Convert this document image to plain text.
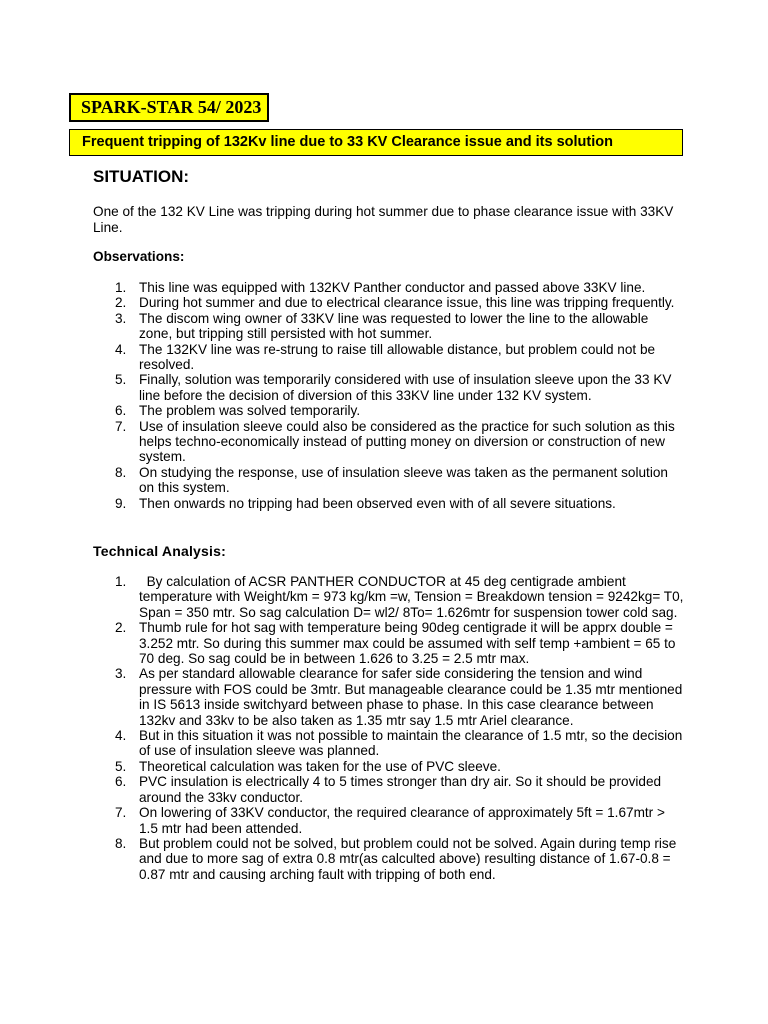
SPARK-STAR 54/ 2023
Frequent tripping of 132Kv line due to 33 KV Clearance issue and its solution
SITUATION:

One of the 132 KV Line was tripping during hot summer due to phase clearance issue with 33KV Line.

Observations:
1. This line was equipped with 132KV Panther conductor and passed above 33KV line.
2. During hot summer and due to electrical clearance issue, this line was tripping frequently.
3. The discom wing owner of 33KV line was requested to lower the line to the allowable zone, but tripping still persisted with hot summer.
4. The 132KV line was re-strung to raise till allowable distance, but problem could not be resolved.
5. Finally, solution was temporarily considered with use of insulation sleeve upon the 33 KV line before the decision of diversion of this 33KV line under 132 KV system.
6. The problem was solved temporarily.
7. Use of insulation sleeve could also be considered as the practice for such solution as this helps techno-economically instead of putting money on diversion or construction of new system.
8. On studying the response, use of insulation sleeve was taken as the permanent solution on this system.
9. Then onwards no tripping had been observed even with of all severe situations.
Technical Analysis:
1. By calculation of ACSR PANTHER CONDUCTOR at 45 deg centigrade ambient temperature with Weight/km = 973 kg/km =w, Tension = Breakdown tension = 9242kg= T0, Span = 350 mtr. So sag calculation D= wl2/ 8To= 1.626mtr for suspension tower cold sag.
2. Thumb rule for hot sag with temperature being 90deg centigrade it will be apprx double = 3.252 mtr. So during this summer max could be assumed with self temp +ambient = 65 to 70 deg. So sag could be in between 1.626 to 3.25 = 2.5 mtr max.
3. As per standard allowable clearance for safer side considering the tension and wind pressure with FOS could be 3mtr. But manageable clearance could be 1.35 mtr mentioned in IS 5613 inside switchyard between phase to phase. In this case clearance between 132kv and 33kv to be also taken as 1.35 mtr say 1.5 mtr Ariel clearance.
4. But in this situation it was not possible to maintain the clearance of 1.5 mtr, so the decision of use of insulation sleeve was planned.
5. Theoretical calculation was taken for the use of PVC sleeve.
6. PVC insulation is electrically 4 to 5 times stronger than dry air. So it should be provided around the 33kv conductor.
7. On lowering of 33KV conductor, the required clearance of approximately 5ft = 1.67mtr > 1.5 mtr had been attended.
8. But problem could not be solved, but problem could not be solved. Again during temp rise and due to more sag of extra 0.8 mtr(as calculted above) resulting distance of 1.67-0.8 = 0.87 mtr and causing arching fault with tripping of both end.
